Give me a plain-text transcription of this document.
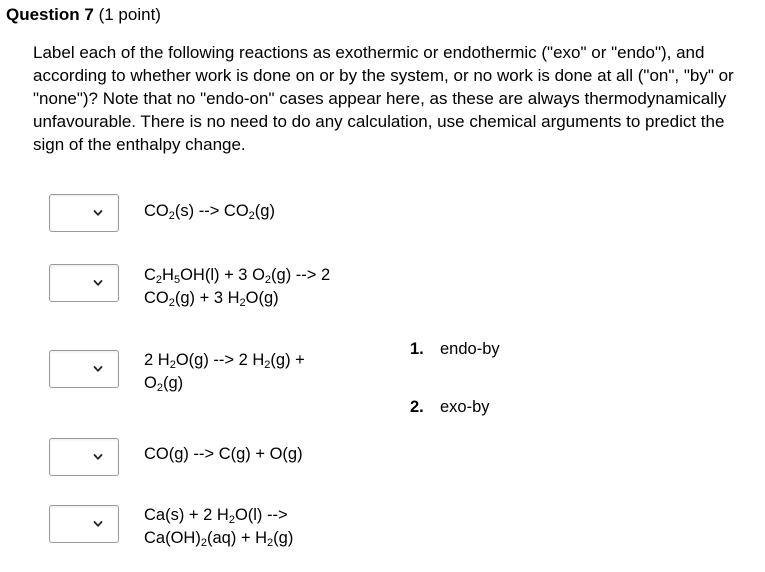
Question 7 (1 point)

Label each of the following reactions as exothermic or endothermic ("exo" or "endo"), and according to whether work is done on or by the system, or no work is done at all ("on", "by" or "none")? Note that no "endo-on" cases appear here, as these are always thermodynamically unfavourable. There is no need to do any calculation, use chemical arguments to predict the sign of the enthalpy change.

$CO_2(s)$ --> $CO_2(g)$
$C_2H_5OH(l) + 3$ $O_2(g)$ --> 2
$CO_2(g) + 3$ $H_2O(g)$
2 $H_2O(g)$ --> 2 $H_2(g)$ +
$O_2(g)$
CO(g) --> C(g) + O(g)
Ca(s) + 2 $H_2O(l)$ -->
$Ca(OH)_2(aq) + H_2(g)$
1. endo-by
2. exo-by
